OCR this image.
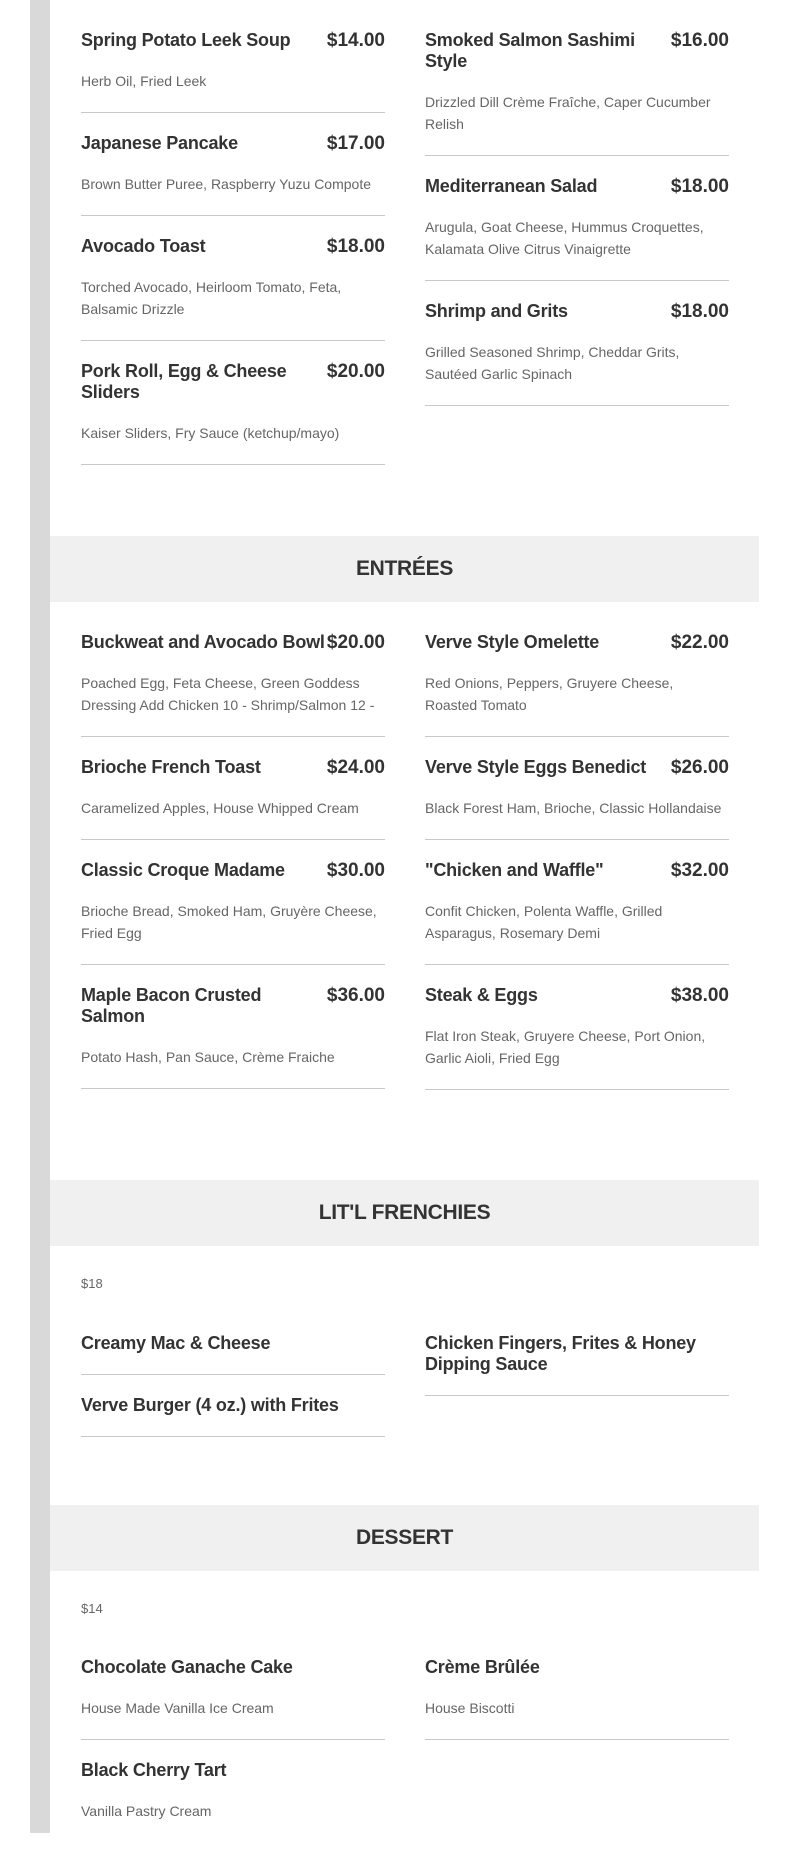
Spring Potato Leek Soup $14.00
Herb Oil, Fried Leek
Japanese Pancake	$17.00
Brown Butter Puree, Raspberry Yuzu Compote
Avocado Toast	$18.00
Torched Avocado, Heirloom Tomato, Feta, Balsamic Drizzle
Pork Roll, Egg & Cheese Sliders
$20.00
Kaiser Sliders, Fry Sauce (ketchup/mayo)
Smoked Salmon Sashimi Style
$16.00
Drizzled Dill Crème Fraîche, Caper Cucumber Relish
Mediterranean Salad	$18.00
Arugula, Goat Cheese, Hummus Croquettes, Kalamata Olive Citrus Vinaigrette
Shrimp and Grits	$18.00
Grilled Seasoned Shrimp, Cheddar Grits, Sautéed Garlic Spinach
ENTRÉES
Buckweat and Avocado Bowl $20.00
Poached Egg, Feta Cheese, Green Goddess Dressing Add Chicken 10 - Shrimp/Salmon 12 -
Brioche French Toast	$24.00
Caramelized Apples, House Whipped Cream
Classic Croque Madame $30.00
Brioche Bread, Smoked Ham, Gruyère Cheese, Fried Egg
Maple Bacon Crusted Salmon
$36.00
Potato Hash, Pan Sauce, Crème Fraiche
Verve Style Omelette	$22.00
Red Onions, Peppers, Gruyere Cheese, Roasted Tomato
Verve Style Eggs Benedict $26.00
Black Forest Ham, Brioche, Classic Hollandaise
"Chicken and Waffle"	$32.00
Confit Chicken, Polenta Waffle, Grilled Asparagus, Rosemary Demi
Steak & Eggs	$38.00
Flat Iron Steak, Gruyere Cheese, Port Onion, Garlic Aioli, Fried Egg
LIT'L FRENCHIES
$18
Creamy Mac & Cheese
Verve Burger (4 oz.) with Frites
Chicken Fingers, Frites & Honey Dipping Sauce
DESSERT
$14
Chocolate Ganache Cake
House Made Vanilla Ice Cream
Black Cherry Tart
Vanilla Pastry Cream
Crème Brûlée
House Biscotti
